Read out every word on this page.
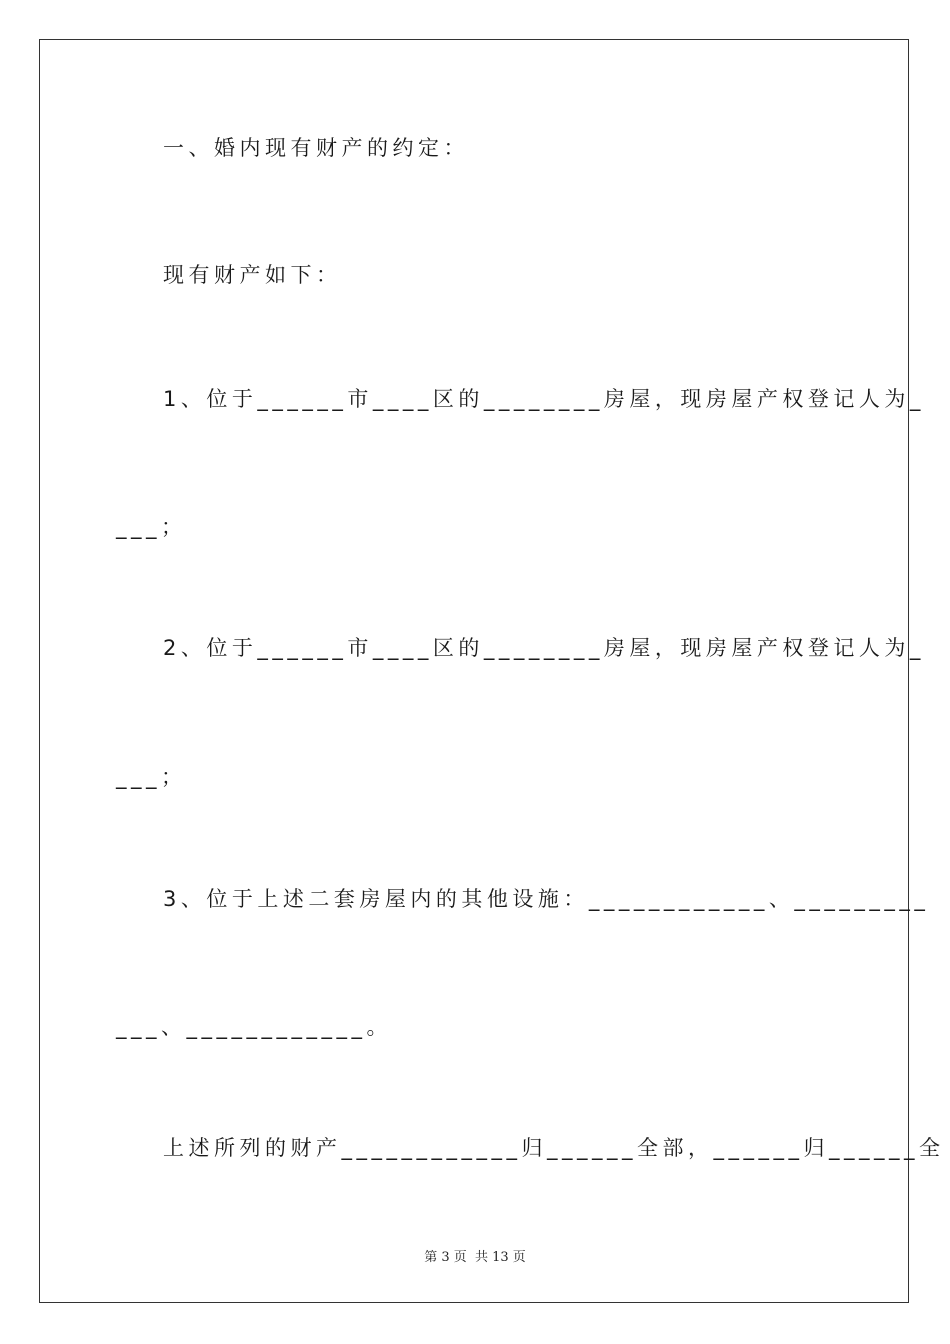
一、婚内现有财产的约定：
现有财产如下：
1、位于______市____区的________房屋，现房屋产权登记人为_
___；
2、位于______市____区的________房屋，现房屋产权登记人为_
___；
3、位于上述二套房屋内的其他设施：____________、_________
___、____________。
上述所列的财产____________归______全部，______归______全
第 3 页  共 13 页
